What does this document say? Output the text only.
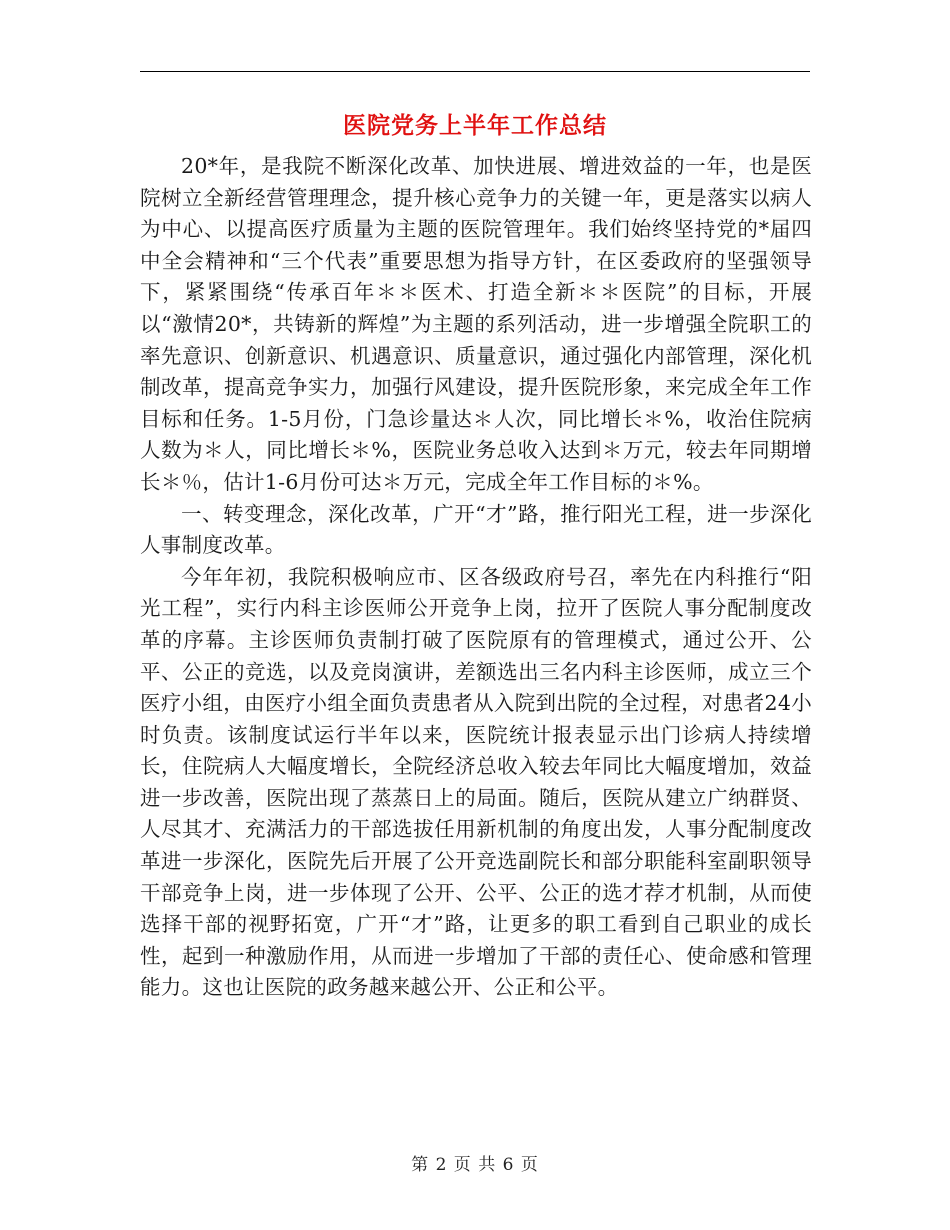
医院党务上半年工作总结

20*年，是我院不断深化改革、加快进展、增进效益的一年，也是医院树立全新经营管理理念，提升核心竞争力的关键一年，更是落实以病人为中心、以提高医疗质量为主题的医院管理年。我们始终坚持党的*届四中全会精神和“三个代表”重要思想为指导方针，在区委政府的坚强领导下，紧紧围绕“传承百年＊＊医术、打造全新＊＊医院”的目标，开展以“激情20*，共铸新的辉煌”为主题的系列活动，进一步增强全院职工的率先意识、创新意识、机遇意识、质量意识，通过强化内部管理，深化机制改革，提高竞争实力，加强行风建设，提升医院形象，来完成全年工作目标和任务。1-5月份，门急诊量达＊人次，同比增长＊%，收治住院病人数为＊人，同比增长＊%，医院业务总收入达到＊万元，较去年同期增长＊％，估计1-6月份可达＊万元，完成全年工作目标的＊%。

一、转变理念，深化改革，广开“才”路，推行阳光工程，进一步深化人事制度改革。

今年年初，我院积极响应市、区各级政府号召，率先在内科推行“阳光工程”，实行内科主诊医师公开竞争上岗，拉开了医院人事分配制度改革的序幕。主诊医师负责制打破了医院原有的管理模式，通过公开、公平、公正的竞选，以及竞岗演讲，差额选出三名内科主诊医师，成立三个医疗小组，由医疗小组全面负责患者从入院到出院的全过程，对患者24小时负责。该制度试运行半年以来，医院统计报表显示出门诊病人持续增长，住院病人大幅度增长，全院经济总收入较去年同比大幅度增加，效益进一步改善，医院出现了蒸蒸日上的局面。随后，医院从建立广纳群贤、人尽其才、充满活力的干部选拔任用新机制的角度出发，人事分配制度改革进一步深化，医院先后开展了公开竞选副院长和部分职能科室副职领导干部竞争上岗，进一步体现了公开、公平、公正的选才荐才机制，从而使选择干部的视野拓宽，广开“才”路，让更多的职工看到自己职业的成长性，起到一种激励作用，从而进一步增加了干部的责任心、使命感和管理能力。这也让医院的政务越来越公开、公正和公平。

第 2 页 共 6 页
